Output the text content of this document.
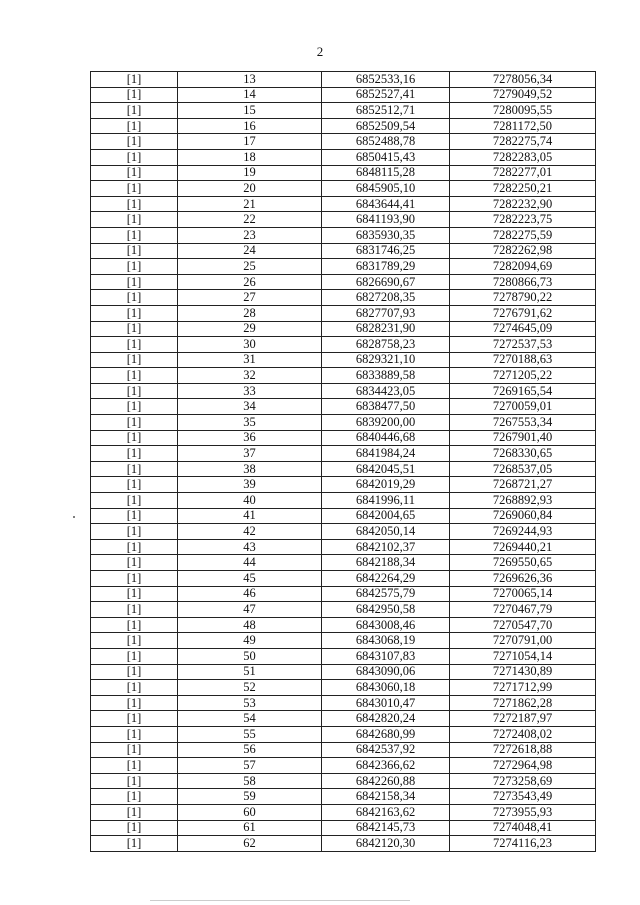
2
[1]	13	6852533,16	7278056,34
[1]	14	6852527,41	7279049,52
[1]	15	6852512,71	7280095,55
[1]	16	6852509,54	7281172,50
[1]	17	6852488,78	7282275,74
[1]	18	6850415,43	7282283,05
[1]	19	6848115,28	7282277,01
[1]	20	6845905,10	7282250,21
[1]	21	6843644,41	7282232,90
[1]	22	6841193,90	7282223,75
[1]	23	6835930,35	7282275,59
[1]	24	6831746,25	7282262,98
[1]	25	6831789,29	7282094,69
[1]	26	6826690,67	7280866,73
[1]	27	6827208,35	7278790,22
[1]	28	6827707,93	7276791,62
[1]	29	6828231,90	7274645,09
[1]	30	6828758,23	7272537,53
[1]	31	6829321,10	7270188,63
[1]	32	6833889,58	7271205,22
[1]	33	6834423,05	7269165,54
[1]	34	6838477,50	7270059,01
[1]	35	6839200,00	7267553,34
[1]	36	6840446,68	7267901,40
[1]	37	6841984,24	7268330,65
[1]	38	6842045,51	7268537,05
[1]	39	6842019,29	7268721,27
[1]	40	6841996,11	7268892,93
[1]	41	6842004,65	7269060,84
[1]	42	6842050,14	7269244,93
[1]	43	6842102,37	7269440,21
[1]	44	6842188,34	7269550,65
[1]	45	6842264,29	7269626,36
[1]	46	6842575,79	7270065,14
[1]	47	6842950,58	7270467,79
[1]	48	6843008,46	7270547,70
[1]	49	6843068,19	7270791,00
[1]	50	6843107,83	7271054,14
[1]	51	6843090,06	7271430,89
[1]	52	6843060,18	7271712,99
[1]	53	6843010,47	7271862,28
[1]	54	6842820,24	7272187,97
[1]	55	6842680,99	7272408,02
[1]	56	6842537,92	7272618,88
[1]	57	6842366,62	7272964,98
[1]	58	6842260,88	7273258,69
[1]	59	6842158,34	7273543,49
[1]	60	6842163,62	7273955,93
[1]	61	6842145,73	7274048,41
[1]	62	6842120,30	7274116,23
